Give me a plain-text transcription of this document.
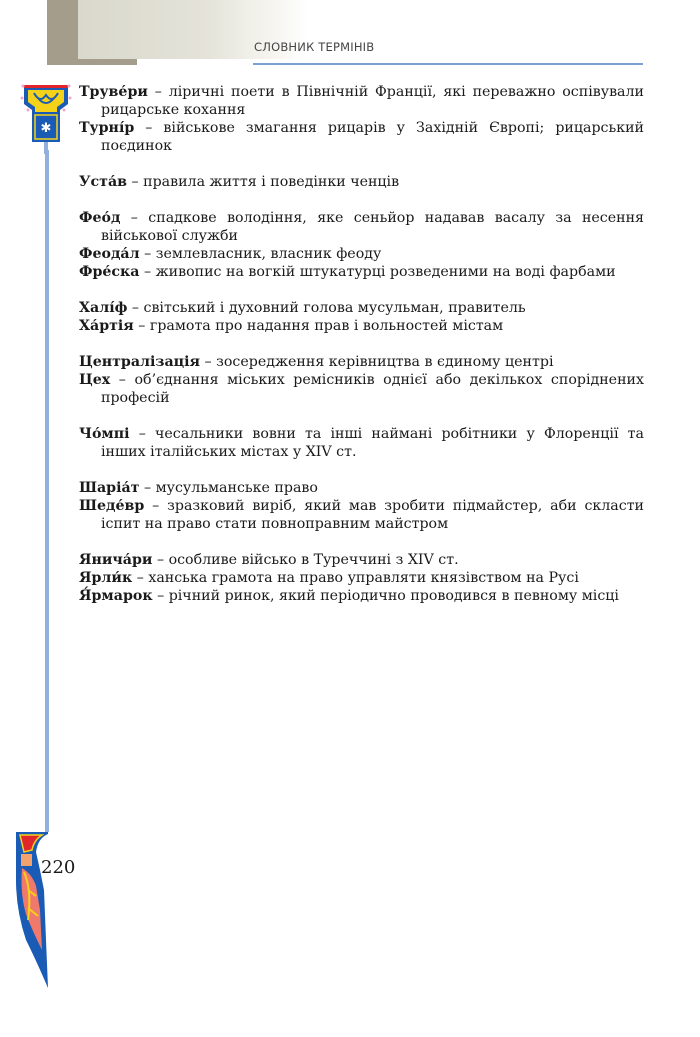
СЛОВНИК ТЕРМІНІВ
✱
220
Труве́ри – ліричні поети в Північній Франції, які переважно оспівували рицарське кохання
Турні́р – військове змагання рицарів у Західній Європі; рицарський поєдинок
Уста́в – правила життя і поведінки ченців
Фео́д – спадкове володіння, яке сеньйор надавав васалу за несення військової служби
Феода́л – землевласник, власник феоду
Фре́ска – живопис на вогкій штукатурці розведеними на воді фарбами
Халі́ф – світський і духовний голова мусульман, правитель
Ха́ртія – грамота про надання прав і вольностей містам
Централізація – зосередження керівництва в єдиному центрі
Цех – об’єднання міських ремісників однієї або декількох споріднених професій
Чо́мпі – чесальники вовни та інші наймані робітники у Флоренції та інших італійських містах у XIV ст.
Шаріа́т – мусульманське право
Шеде́вр – зразковий виріб, який мав зробити підмайстер, аби скласти іспит на право стати повноправним майстром
Янича́ри – особливе військо в Туреччині з XIV ст.
Ярли́к – ханська грамота на право управляти князівством на Русі
Я́рмарок – річний ринок, який періодично проводився в певному місці
